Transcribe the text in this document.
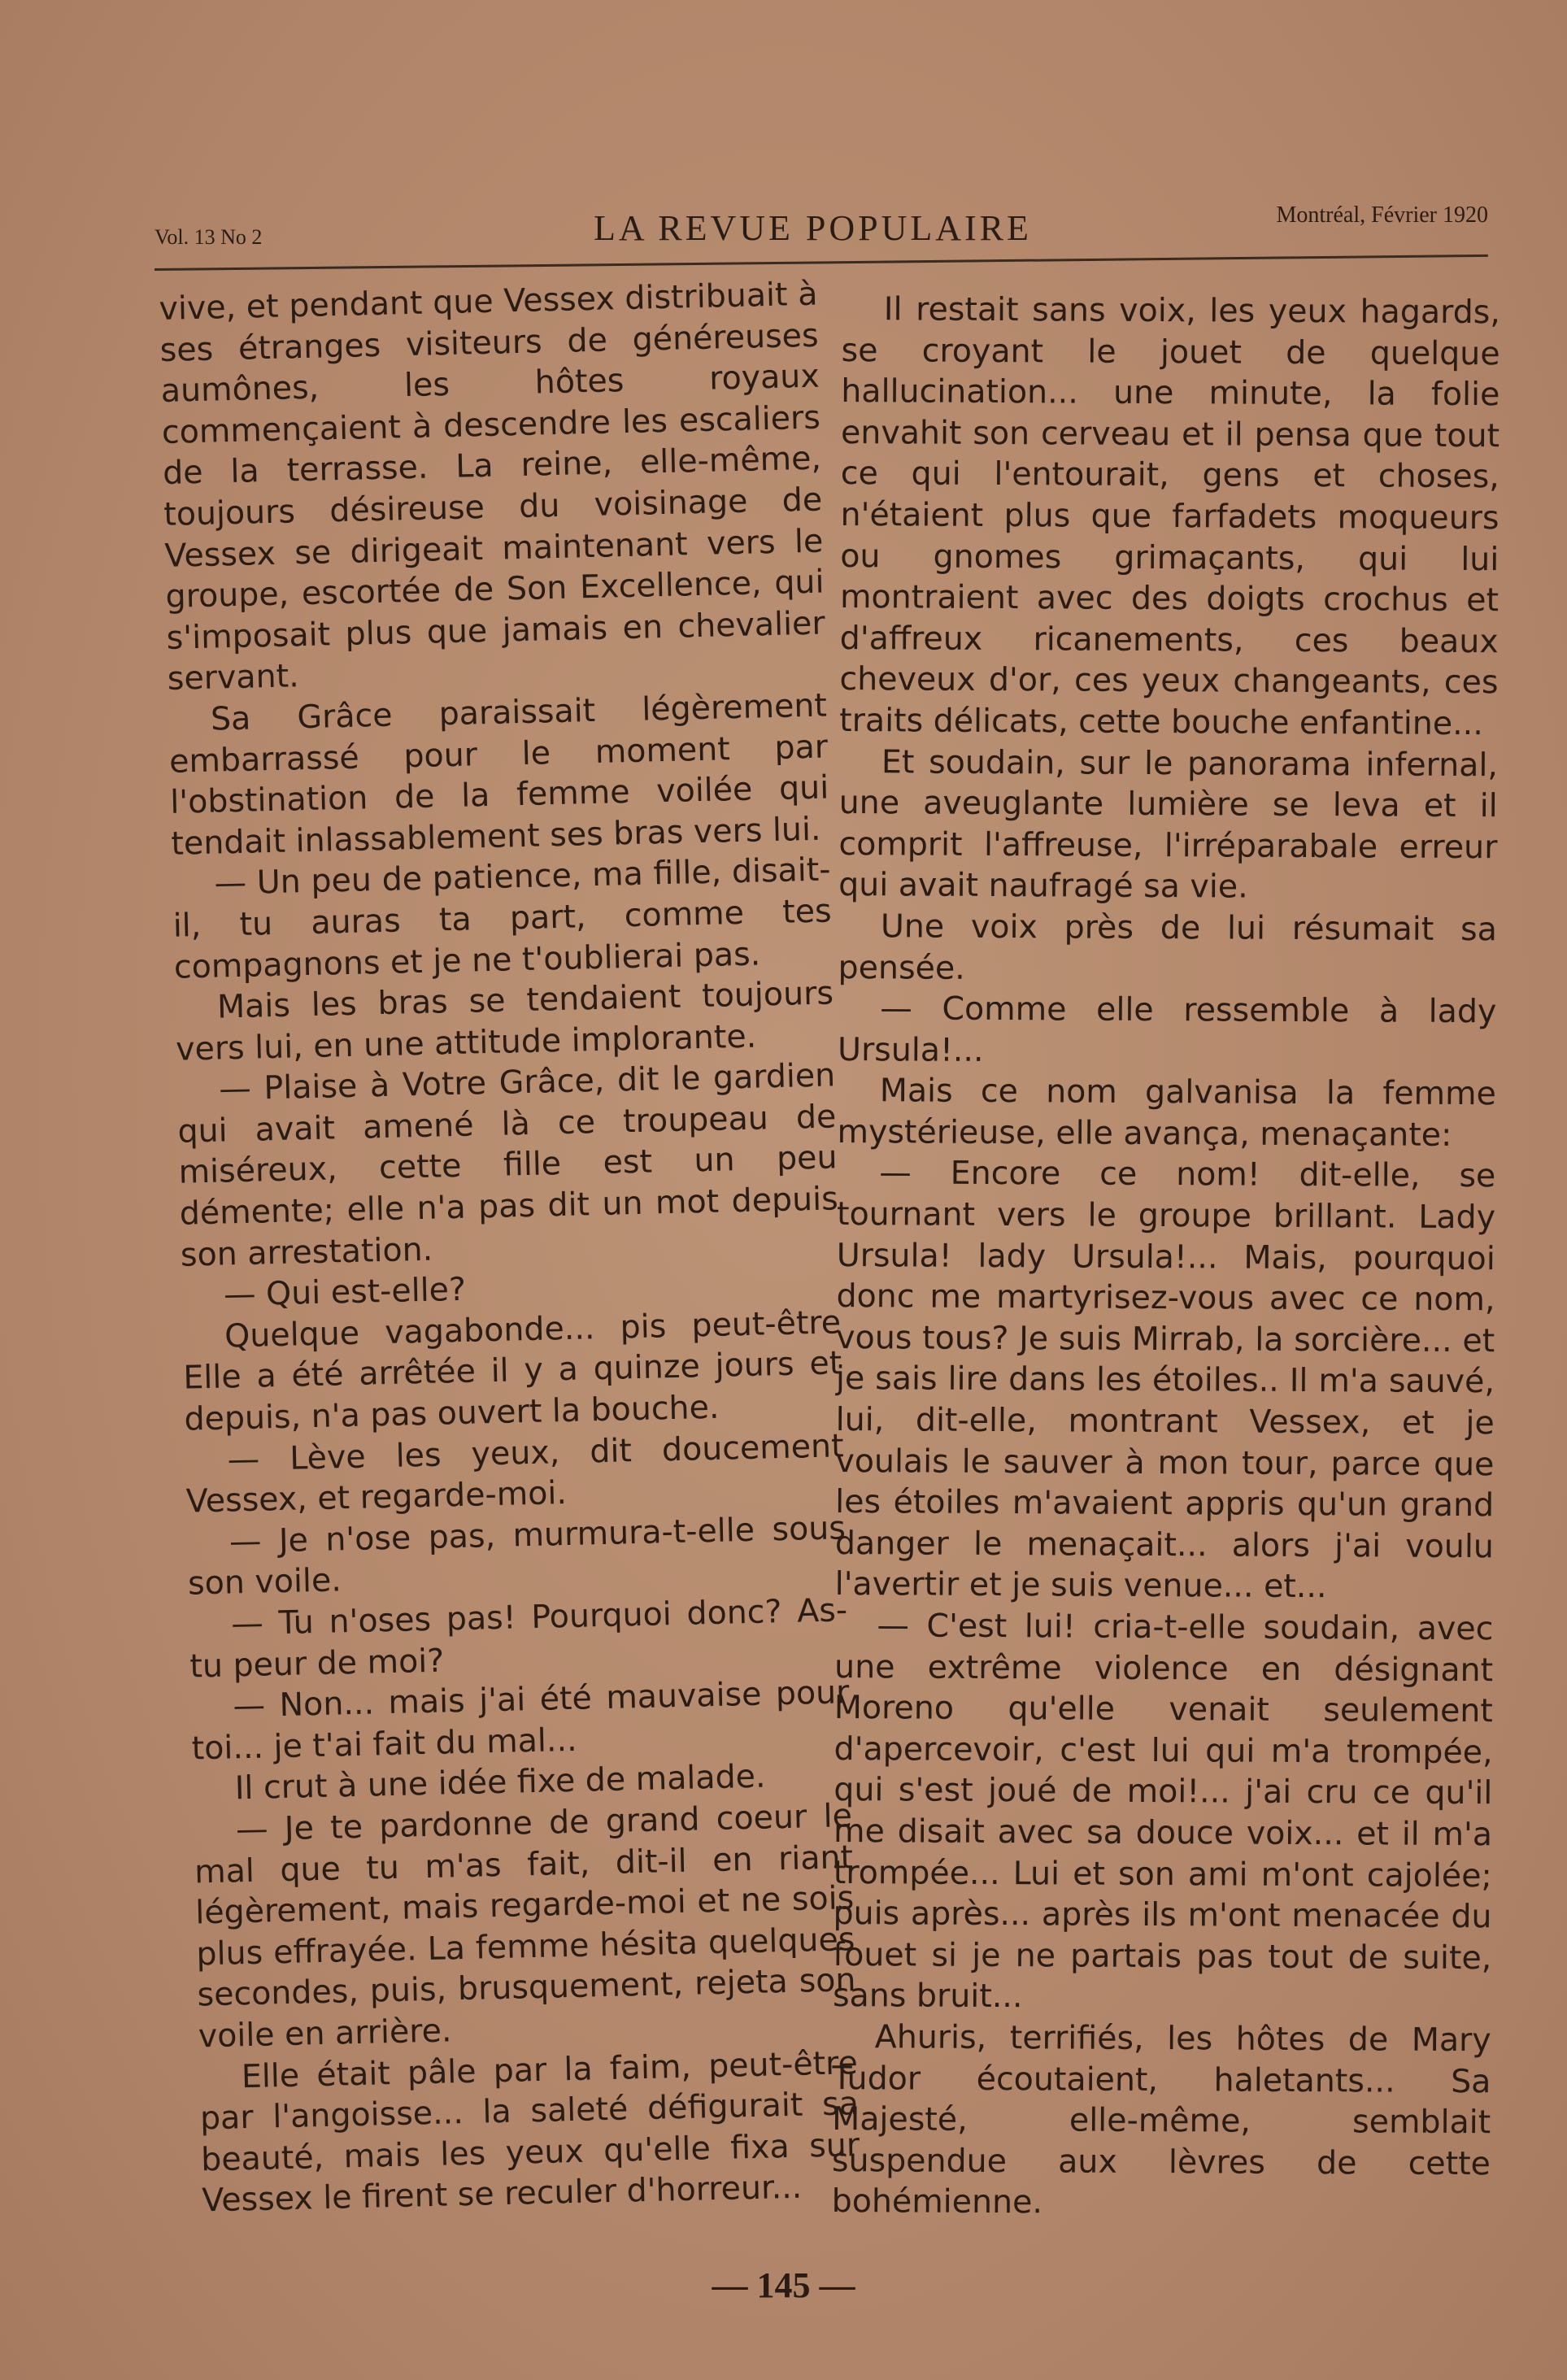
Vol. 13 No 2	LA REVUE POPULAIRE	Montréal, Février 1920

vive, et pendant que Vessex distribuait à ses étranges visiteurs de généreuses aumônes, les hôtes royaux commençaient à descendre les escaliers de la terrasse. La reine, elle-même, toujours désireuse du voisinage de Vessex se dirigeait maintenant vers le groupe, escortée de Son Excellence, qui s'imposait plus que jamais en chevalier servant.

Sa Grâce paraissait légèrement embarrassé pour le moment par l'obstination de la femme voilée qui tendait inlassablement ses bras vers lui.

— Un peu de patience, ma fille, disait-il, tu auras ta part, comme tes compagnons et je ne t'oublierai pas.

Mais les bras se tendaient toujours vers lui, en une attitude implorante.

— Plaise à Votre Grâce, dit le gardien qui avait amené là ce troupeau de miséreux, cette fille est un peu démente; elle n'a pas dit un mot depuis son arrestation.

— Qui est-elle?

Quelque vagabonde... pis peut-être Elle a été arrêtée il y a quinze jours et depuis, n'a pas ouvert la bouche.

— Lève les yeux, dit doucement Vessex, et regarde-moi.

— Je n'ose pas, murmura-t-elle sous son voile.

— Tu n'oses pas! Pourquoi donc? As-tu peur de moi?

— Non... mais j'ai été mauvaise pour toi... je t'ai fait du mal...

Il crut à une idée fixe de malade.

— Je te pardonne de grand coeur le mal que tu m'as fait, dit-il en riant légèrement, mais regarde-moi et ne sois plus effrayée. La femme hésita quelques secondes, puis, brusquement, rejeta son voile en arrière.

Elle était pâle par la faim, peut-être par l'angoisse... la saleté défigurait sa beauté, mais les yeux qu'elle fixa sur Vessex le firent se reculer d'horreur...

Il restait sans voix, les yeux hagards, se croyant le jouet de quelque hallucination... une minute, la folie envahit son cerveau et il pensa que tout ce qui l'entourait, gens et choses, n'étaient plus que farfadets moqueurs ou gnomes grimaçants, qui lui montraient avec des doigts crochus et d'affreux ricanements, ces beaux cheveux d'or, ces yeux changeants, ces traits délicats, cette bouche enfantine...

Et soudain, sur le panorama infernal, une aveuglante lumière se leva et il comprit l'affreuse, l'irréparabale erreur qui avait naufragé sa vie.

Une voix près de lui résumait sa pensée.

— Comme elle ressemble à lady Ursula!...

Mais ce nom galvanisa la femme mystérieuse, elle avança, menaçante:

— Encore ce nom! dit-elle, se tournant vers le groupe brillant. Lady Ursula! lady Ursula!... Mais, pourquoi donc me martyrisez-vous avec ce nom, vous tous? Je suis Mirrab, la sorcière... et je sais lire dans les étoiles.. Il m'a sauvé, lui, dit-elle, montrant Vessex, et je voulais le sauver à mon tour, parce que les étoiles m'avaient appris qu'un grand danger le menaçait... alors j'ai voulu l'avertir et je suis venue... et...

— C'est lui! cria-t-elle soudain, avec une extrême violence en désignant Moreno qu'elle venait seulement d'apercevoir, c'est lui qui m'a trompée, qui s'est joué de moi!... j'ai cru ce qu'il me disait avec sa douce voix... et il m'a trompée... Lui et son ami m'ont cajolée; puis après... après ils m'ont menacée du fouet si je ne partais pas tout de suite, sans bruit...

Ahuris, terrifiés, les hôtes de Mary Tudor écoutaient, haletants... Sa Majesté, elle-même, semblait suspendue aux lèvres de cette bohémienne.

— 145 —
